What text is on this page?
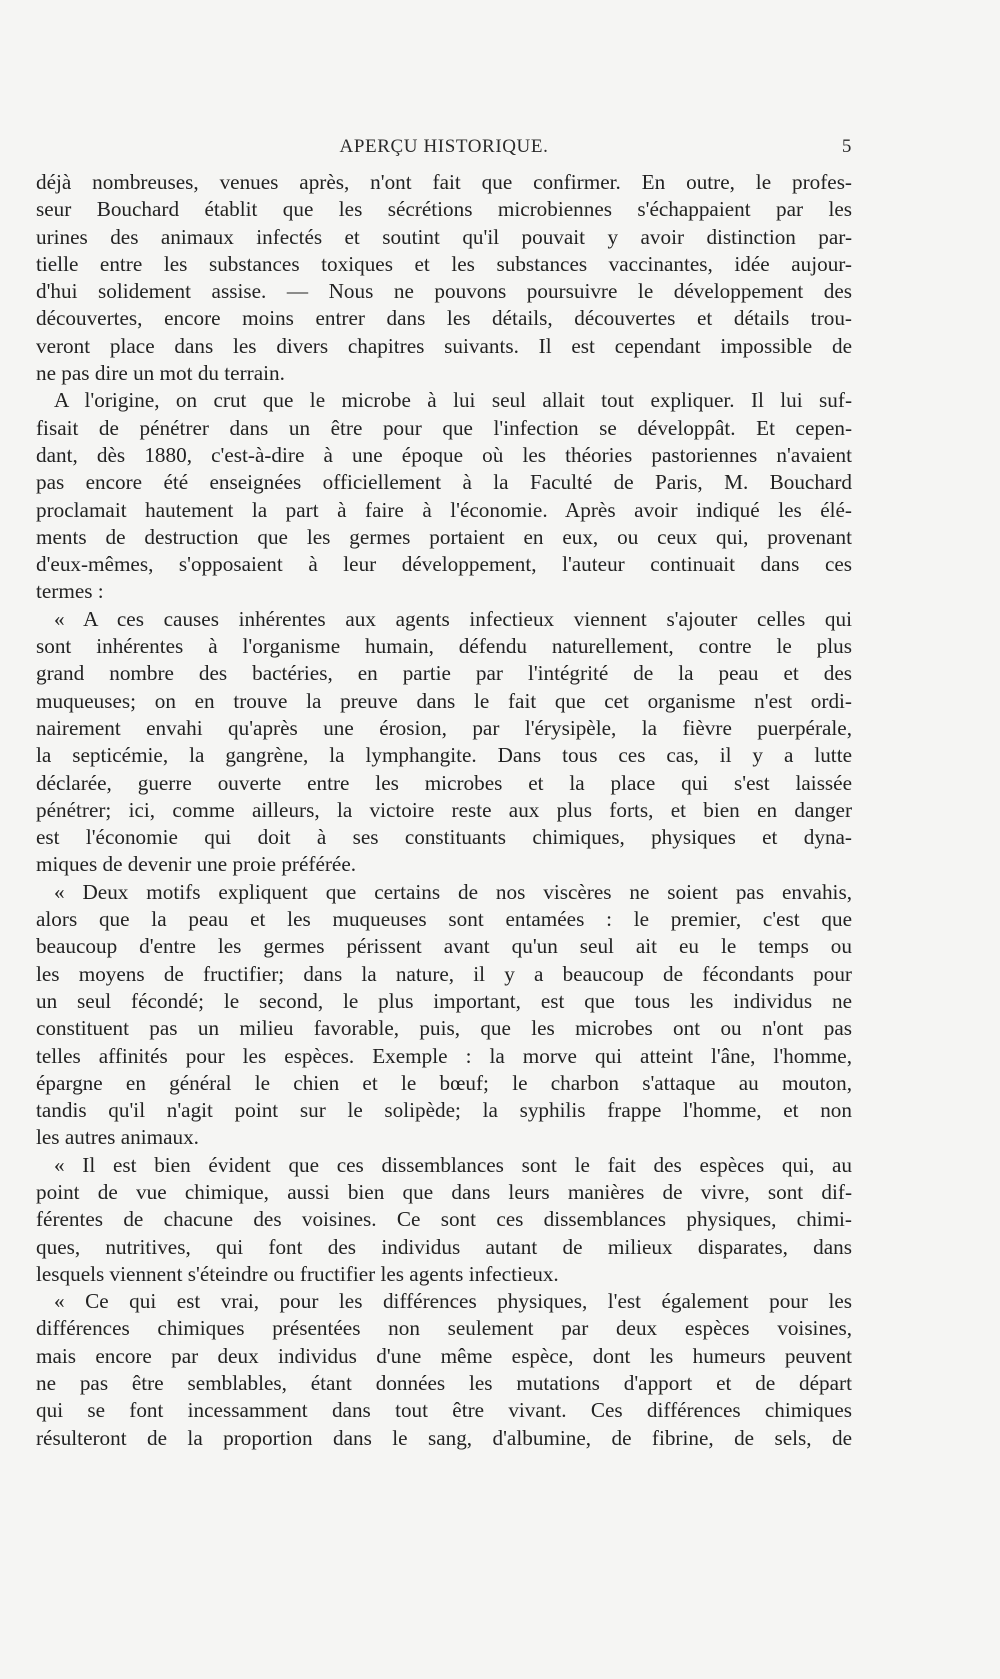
APERÇU HISTORIQUE.	5
déjà nombreuses, venues après, n'ont fait que confirmer. En outre, le profes-
seur Bouchard établit que les sécrétions microbiennes s'échappaient par les
urines des animaux infectés et soutint qu'il pouvait y avoir distinction par-
tielle entre les substances toxiques et les substances vaccinantes, idée aujour-
d'hui solidement assise. — Nous ne pouvons poursuivre le développement des
découvertes, encore moins entrer dans les détails, découvertes et détails trou-
veront place dans les divers chapitres suivants. Il est cependant impossible de
ne pas dire un mot du terrain.
A l'origine, on crut que le microbe à lui seul allait tout expliquer. Il lui suf-
fisait de pénétrer dans un être pour que l'infection se développât. Et cepen-
dant, dès 1880, c'est-à-dire à une époque où les théories pastoriennes n'avaient
pas encore été enseignées officiellement à la Faculté de Paris, M. Bouchard
proclamait hautement la part à faire à l'économie. Après avoir indiqué les élé-
ments de destruction que les germes portaient en eux, ou ceux qui, provenant
d'eux-mêmes, s'opposaient à leur développement, l'auteur continuait dans ces
termes :
« A ces causes inhérentes aux agents infectieux viennent s'ajouter celles qui
sont inhérentes à l'organisme humain, défendu naturellement, contre le plus
grand nombre des bactéries, en partie par l'intégrité de la peau et des
muqueuses; on en trouve la preuve dans le fait que cet organisme n'est ordi-
nairement envahi qu'après une érosion, par l'érysipèle, la fièvre puerpérale,
la septicémie, la gangrène, la lymphangite. Dans tous ces cas, il y a lutte
déclarée, guerre ouverte entre les microbes et la place qui s'est laissée
pénétrer; ici, comme ailleurs, la victoire reste aux plus forts, et bien en danger
est l'économie qui doit à ses constituants chimiques, physiques et dyna-
miques de devenir une proie préférée.
« Deux motifs expliquent que certains de nos viscères ne soient pas envahis,
alors que la peau et les muqueuses sont entamées : le premier, c'est que
beaucoup d'entre les germes périssent avant qu'un seul ait eu le temps ou
les moyens de fructifier; dans la nature, il y a beaucoup de fécondants pour
un seul fécondé; le second, le plus important, est que tous les individus ne
constituent pas un milieu favorable, puis, que les microbes ont ou n'ont pas
telles affinités pour les espèces. Exemple : la morve qui atteint l'âne, l'homme,
épargne en général le chien et le bœuf; le charbon s'attaque au mouton,
tandis qu'il n'agit point sur le solipède; la syphilis frappe l'homme, et non
les autres animaux.
« Il est bien évident que ces dissemblances sont le fait des espèces qui, au
point de vue chimique, aussi bien que dans leurs manières de vivre, sont dif-
férentes de chacune des voisines. Ce sont ces dissemblances physiques, chimi-
ques, nutritives, qui font des individus autant de milieux disparates, dans
lesquels viennent s'éteindre ou fructifier les agents infectieux.
« Ce qui est vrai, pour les différences physiques, l'est également pour les
différences chimiques présentées non seulement par deux espèces voisines,
mais encore par deux individus d'une même espèce, dont les humeurs peuvent
ne pas être semblables, étant données les mutations d'apport et de départ
qui se font incessamment dans tout être vivant. Ces différences chimiques
résulteront de la proportion dans le sang, d'albumine, de fibrine, de sels, de
